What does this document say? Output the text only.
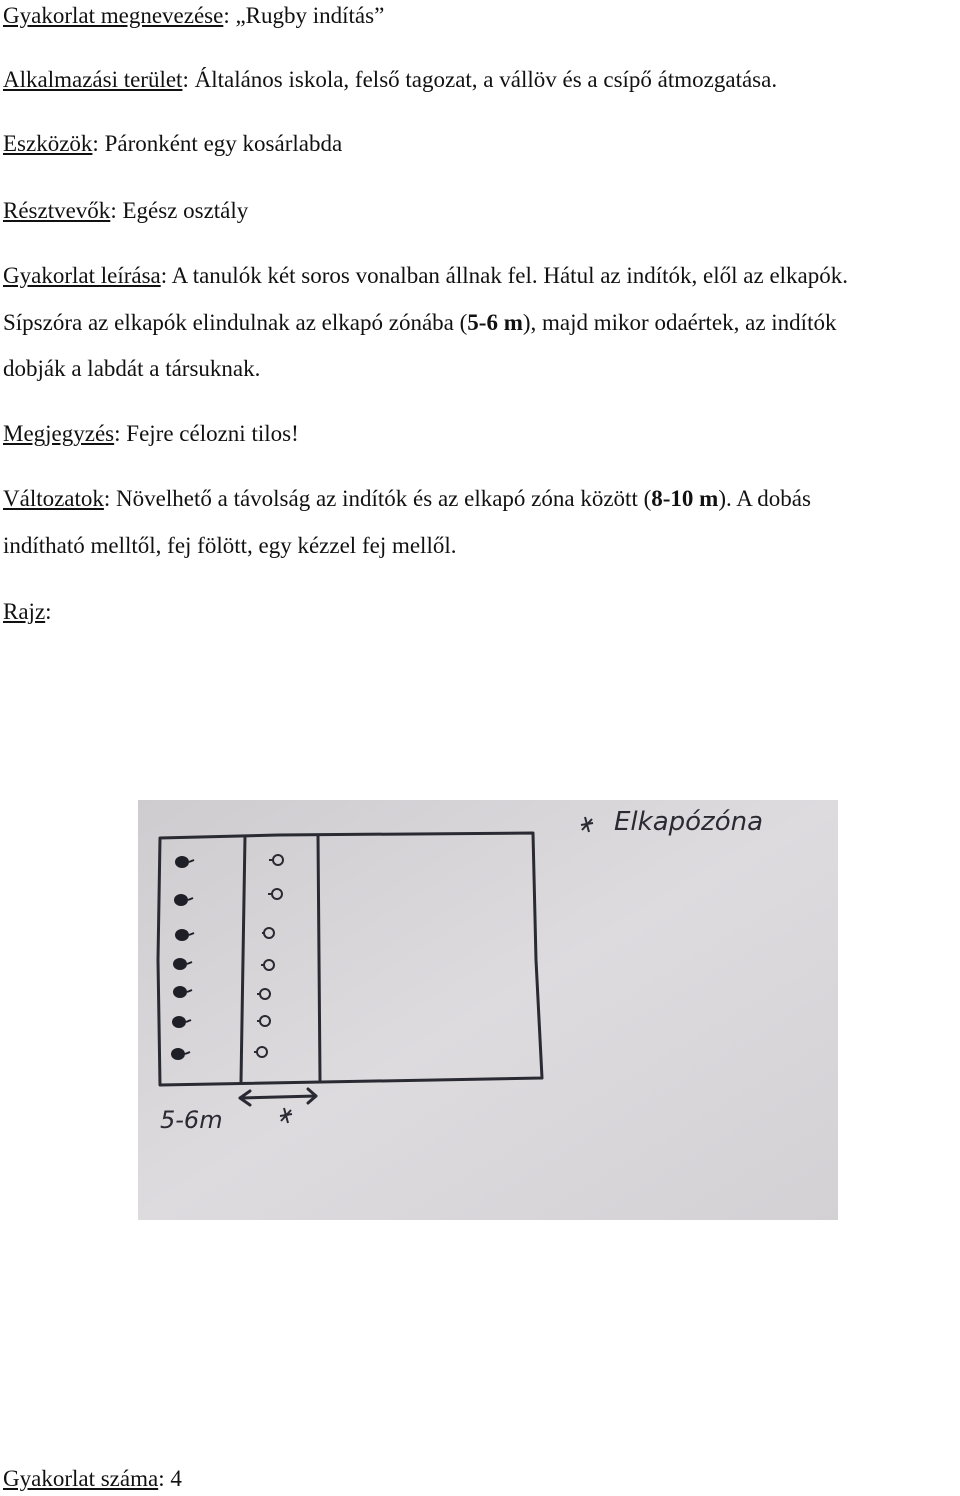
Gyakorlat megnevezése: „Rugby indítás”
Alkalmazási terület: Általános iskola, felső tagozat, a vállöv és a csípő átmozgatása.
Eszközök: Páronként egy kosárlabda
Résztvevők: Egész osztály
Gyakorlat leírása: A tanulók két soros vonalban állnak fel. Hátul az indítók, elől az elkapók.
Sípszóra az elkapók elindulnak az elkapó zónába (5-6 m), majd mikor odaértek, az indítók
dobják a labdát a társuknak.
Megjegyzés: Fejre célozni tilos!
Változatok: Növelhető a távolság az indítók és az elkapó zóna között (8-10 m). A dobás
indítható melltől, fej fölött, egy kézzel fej mellől.
Rajz:
Elkapózóna
5-6m
Gyakorlat száma: 4
